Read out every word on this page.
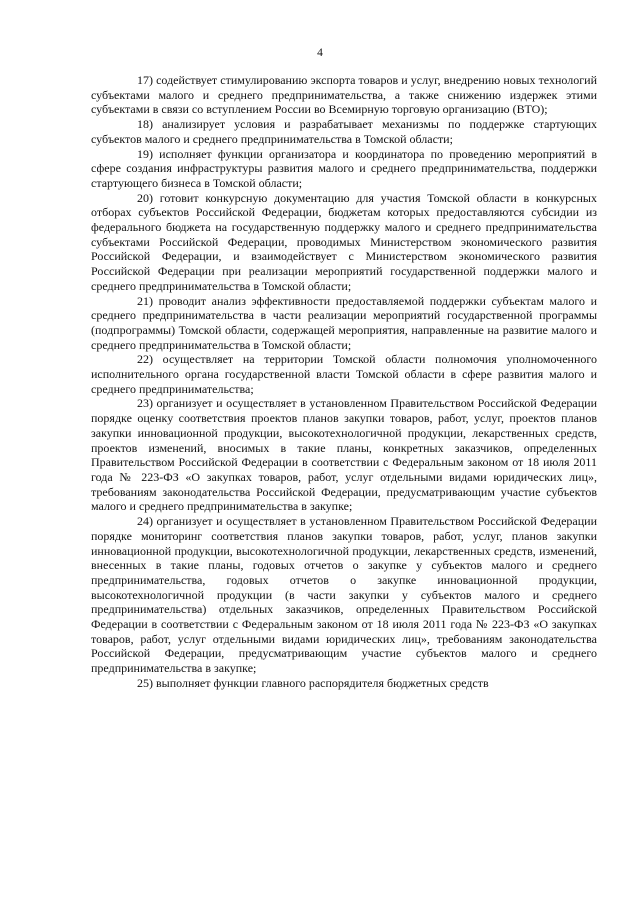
4

17) содействует стимулированию экспорта товаров и услуг, внедрению новых технологий субъектами малого и среднего предпринимательства, а также снижению издержек этими субъектами в связи со вступлением России во Всемирную торговую организацию (ВТО);

18) анализирует условия и разрабатывает механизмы по поддержке стартующих субъектов малого и среднего предпринимательства в Томской области;

19) исполняет функции организатора и координатора по проведению мероприятий в сфере создания инфраструктуры развития малого и среднего предпринимательства, поддержки стартующего бизнеса в Томской области;

20) готовит конкурсную документацию для участия Томской области в конкурсных отборах субъектов Российской Федерации, бюджетам которых предоставляются субсидии из федерального бюджета на государственную поддержку малого и среднего предпринимательства субъектами Российской Федерации, проводимых Министерством экономического развития Российской Федерации, и взаимодействует с Министерством экономического развития Российской Федерации при реализации мероприятий государственной поддержки малого и среднего предпринимательства в Томской области;

21) проводит анализ эффективности предоставляемой поддержки субъектам малого и среднего предпринимательства в части реализации мероприятий государственной программы (подпрограммы) Томской области, содержащей мероприятия, направленные на развитие малого и среднего предпринимательства в Томской области;

22) осуществляет на территории Томской области полномочия уполномоченного исполнительного органа государственной власти Томской области в сфере развития малого и среднего предпринимательства;

23) организует и осуществляет в установленном Правительством Российской Федерации порядке оценку соответствия проектов планов закупки товаров, работ, услуг, проектов планов закупки инновационной продукции, высокотехнологичной продукции, лекарственных средств, проектов изменений, вносимых в такие планы, конкретных заказчиков, определенных Правительством Российской Федерации в соответствии с Федеральным законом от 18 июля 2011 года № 223-ФЗ «О закупках товаров, работ, услуг отдельными видами юридических лиц», требованиям законодательства Российской Федерации, предусматривающим участие субъектов малого и среднего предпринимательства в закупке;

24) организует и осуществляет в установленном Правительством Российской Федерации порядке мониторинг соответствия планов закупки товаров, работ, услуг, планов закупки инновационной продукции, высокотехнологичной продукции, лекарственных средств, изменений, внесенных в такие планы, годовых отчетов о закупке у субъектов малого и среднего предпринимательства, годовых отчетов о закупке инновационной продукции, высокотехнологичной продукции (в части закупки у субъектов малого и среднего предпринимательства) отдельных заказчиков, определенных Правительством Российской Федерации в соответствии с Федеральным законом от 18 июля 2011 года № 223-ФЗ «О закупках товаров, работ, услуг отдельными видами юридических лиц», требованиям законодательства Российской Федерации, предусматривающим участие субъектов малого и среднего предпринимательства в закупке;

25) выполняет функции главного распорядителя бюджетных средств
